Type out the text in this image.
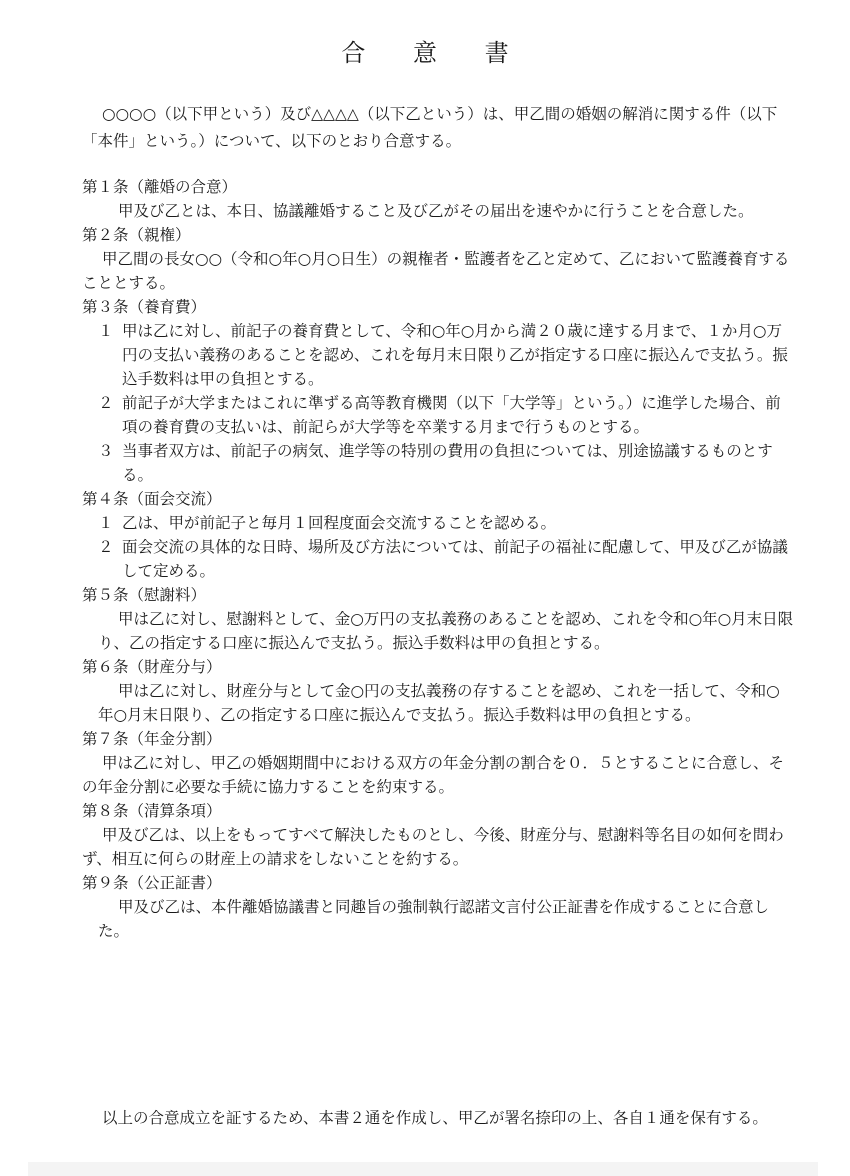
合 意 書
○○○○（以下甲という）及び△△△△（以下乙という）は、甲乙間の婚姻の解消に関する件（以下「本件」という。）について、以下のとおり合意する。
第１条（離婚の合意）
甲及び乙とは、本日、協議離婚すること及び乙がその届出を速やかに行うことを合意した。
第２条（親権）
甲乙間の長女○○（令和○年○月○日生）の親権者・監護者を乙と定めて、乙において監護養育することとする。
第３条（養育費）
１ 甲は乙に対し、前記子の養育費として、令和○年○月から満２０歳に達する月まで、１か月○万円の支払い義務のあることを認め、これを毎月末日限り乙が指定する口座に振込んで支払う。振込手数料は甲の負担とする。
２ 前記子が大学またはこれに準ずる高等教育機関（以下「大学等」という。）に進学した場合、前項の養育費の支払いは、前記らが大学等を卒業する月まで行うものとする。
３ 当事者双方は、前記子の病気、進学等の特別の費用の負担については、別途協議するものとする。
第４条（面会交流）
１ 乙は、甲が前記子と毎月１回程度面会交流することを認める。
２ 面会交流の具体的な日時、場所及び方法については、前記子の福祉に配慮して、甲及び乙が協議して定める。
第５条（慰謝料）
甲は乙に対し、慰謝料として、金○万円の支払義務のあることを認め、これを令和○年○月末日限り、乙の指定する口座に振込んで支払う。振込手数料は甲の負担とする。
第６条（財産分与）
甲は乙に対し、財産分与として金○円の支払義務の存することを認め、これを一括して、令和○年○月末日限り、乙の指定する口座に振込んで支払う。振込手数料は甲の負担とする。
第７条（年金分割）
甲は乙に対し、甲乙の婚姻期間中における双方の年金分割の割合を０．５とすることに合意し、その年金分割に必要な手続に協力することを約束する。
第８条（清算条項）
甲及び乙は、以上をもってすべて解決したものとし、今後、財産分与、慰謝料等名目の如何を問わず、相互に何らの財産上の請求をしないことを約する。
第９条（公正証書）
甲及び乙は、本件離婚協議書と同趣旨の強制執行認諾文言付公正証書を作成することに合意した。
以上の合意成立を証するため、本書２通を作成し、甲乙が署名捺印の上、各自１通を保有する。
